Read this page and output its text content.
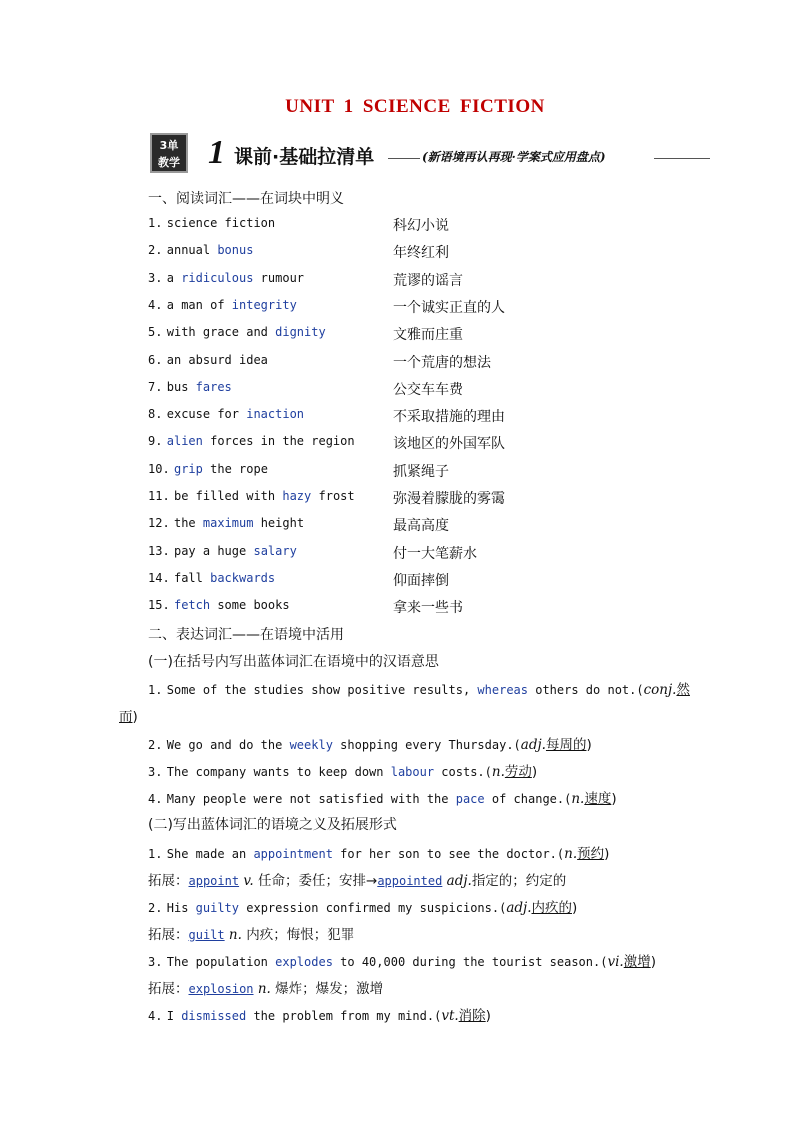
UNIT 1 SCIENCE FICTION
3单
教学 1 课前·基础拉清单	(新语境再认再现·学案式应用盘点)
一、阅读词汇——在词块中明义
1. science fiction	科幻小说
2. annual bonus	年终红利
3. a ridiculous rumour	荒谬的谣言
4. a man of integrity	一个诚实正直的人
5. with grace and dignity	文雅而庄重
6. an absurd idea	一个荒唐的想法
7. bus fares	公交车车费
8. excuse for inaction	不采取措施的理由
9. alien forces in the region	该地区的外国军队
10. grip the rope	抓紧绳子
11. be filled with hazy frost	弥漫着朦胧的雾霭
12. the maximum height	最高高度
13. pay a huge salary	付一大笔薪水
14. fall backwards	仰面摔倒
15. fetch some books	拿来一些书
二、表达词汇——在语境中活用
(一)在括号内写出蓝体词汇在语境中的汉语意思
1. Some of the studies show positive results, whereas others do not.(conj.然
而)
2. We go and do the weekly shopping every Thursday.(adj.每周的)
3. The company wants to keep down labour costs.(n.劳动)
4. Many people were not satisfied with the pace of change.(n.速度)
(二)写出蓝体词汇的语境之义及拓展形式
1. She made an appointment for her son to see the doctor.(n.预约)
拓展：appoint v. 任命；委任；安排→appointed adj.指定的；约定的
2. His guilty expression confirmed my suspicions.(adj.内疚的)
拓展：guilt n. 内疚；悔恨；犯罪
3. The population explodes to 40,000 during the tourist season.(vi.激增)
拓展：explosion n. 爆炸；爆发；激增
4. I dismissed the problem from my mind.(vt.消除)
